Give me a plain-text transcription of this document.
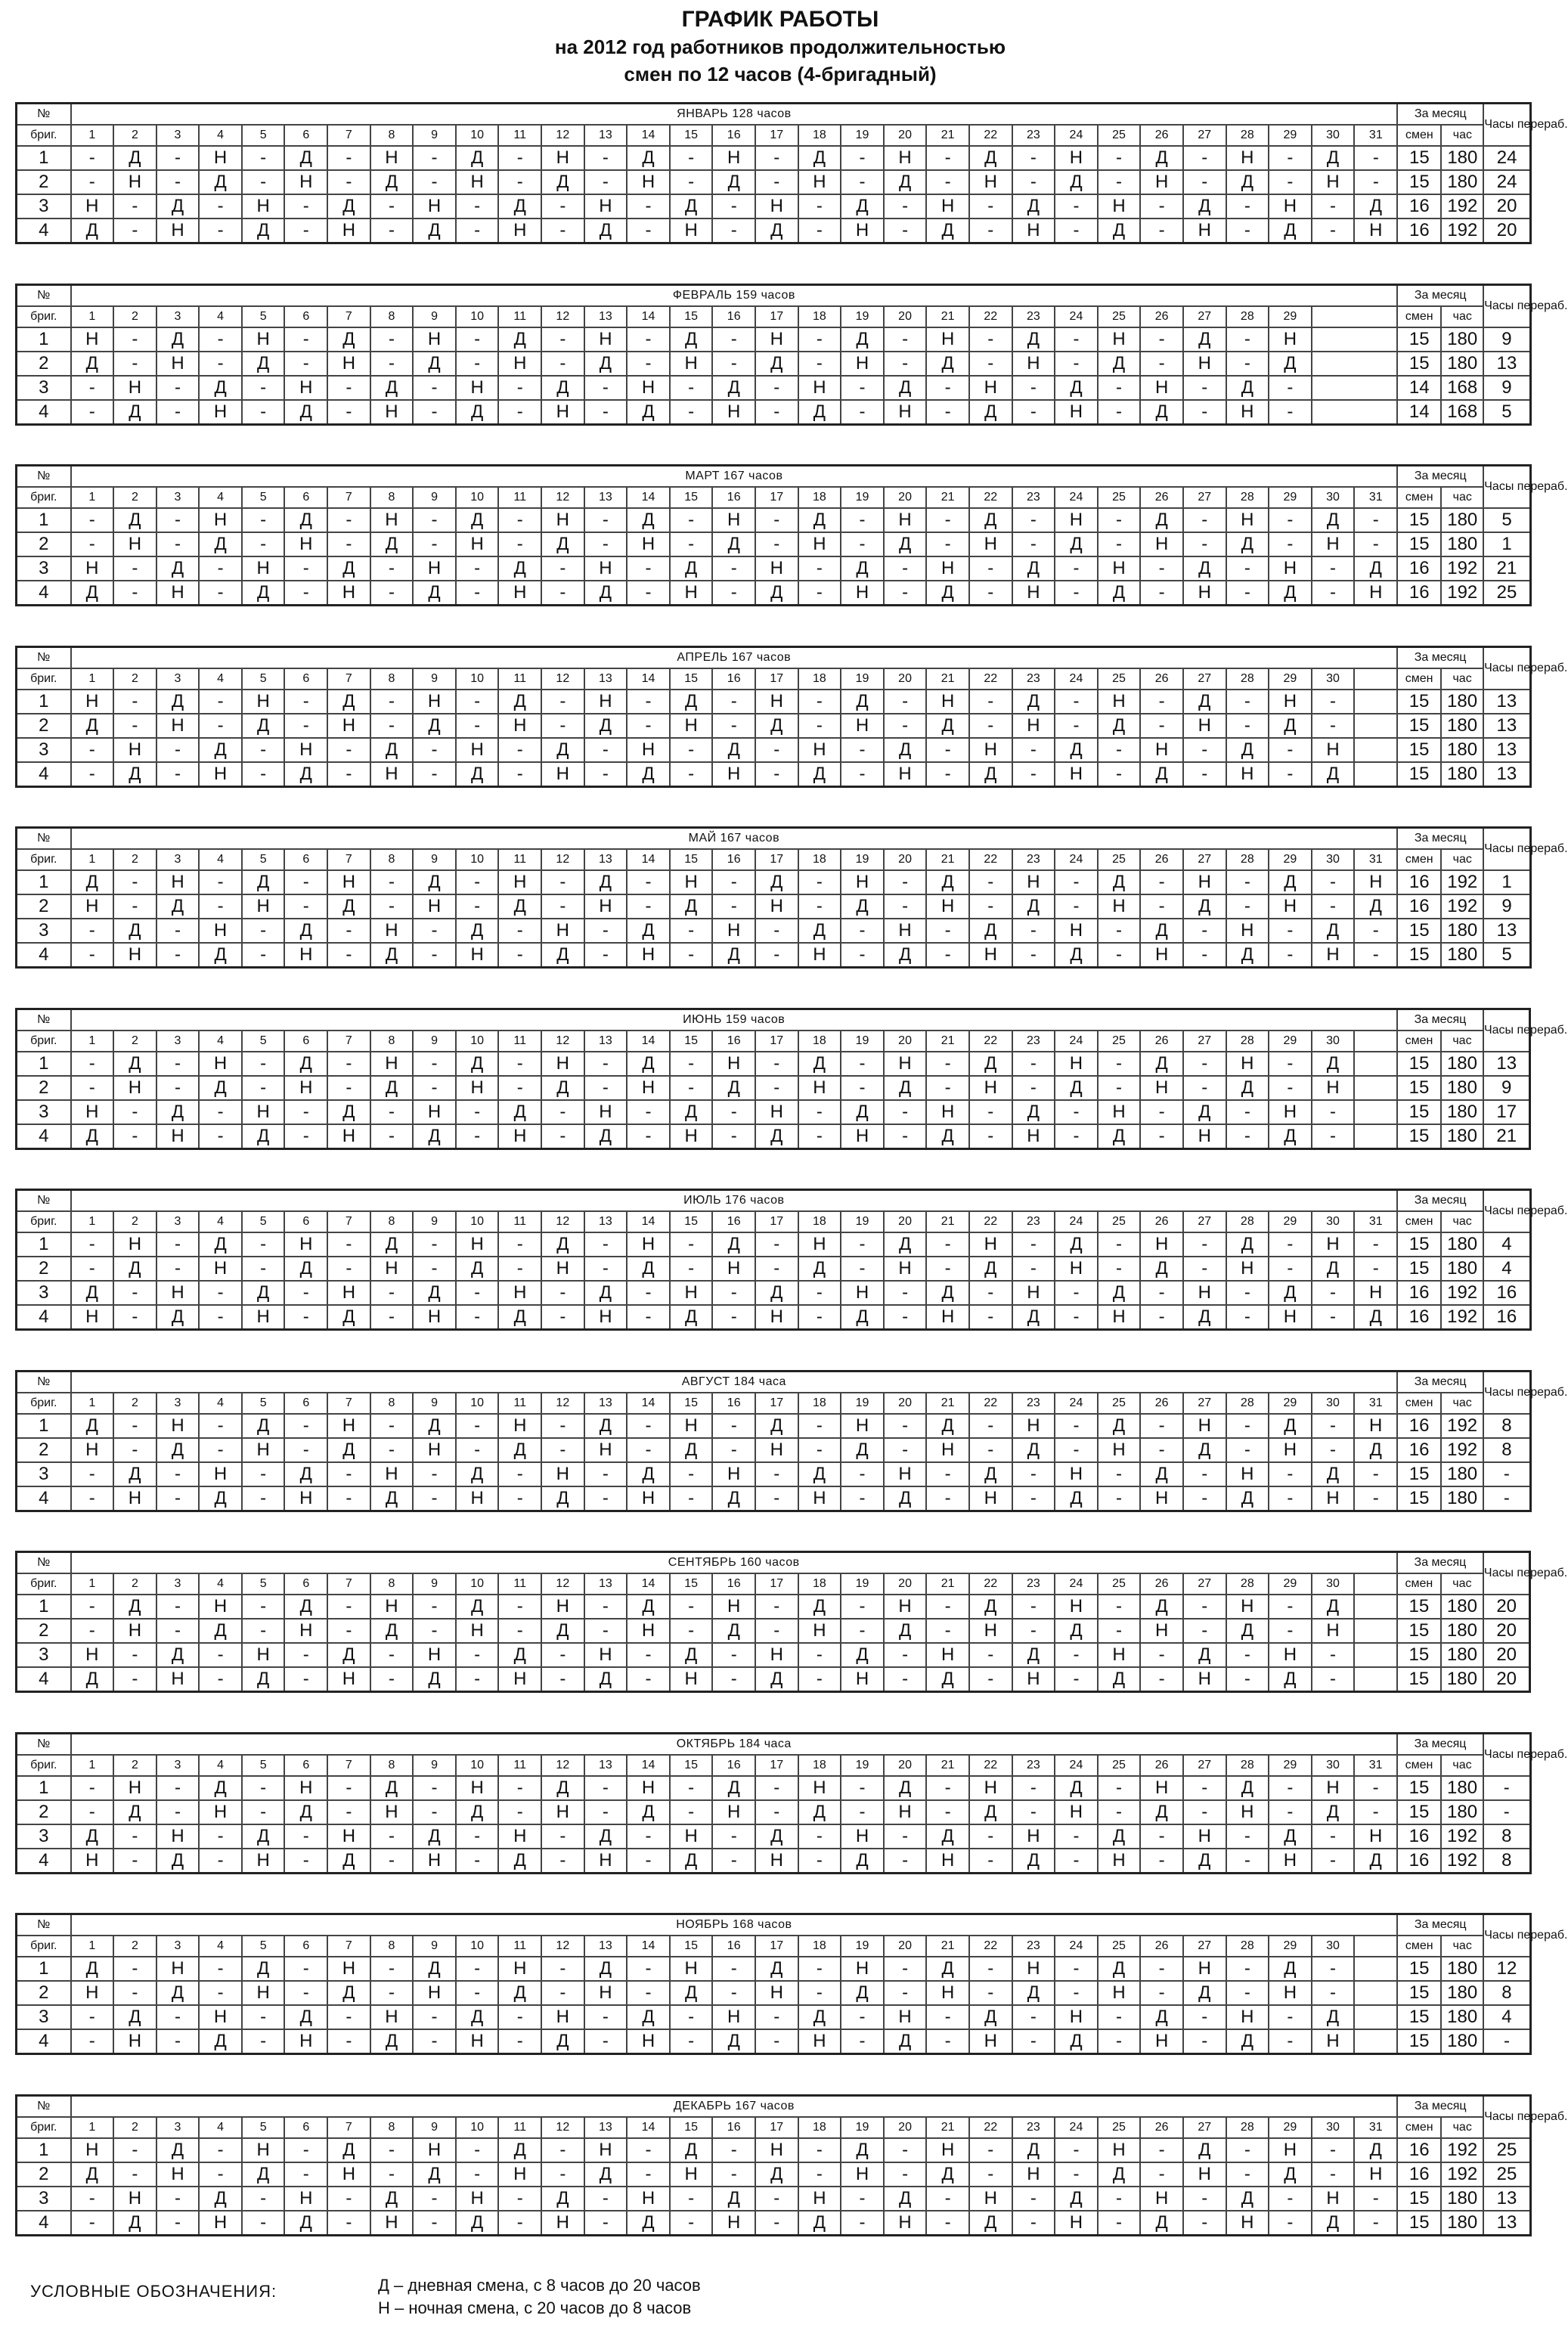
ГРАФИК РАБОТЫ
на 2012 год работников продолжительностью
смен по 12 часов (4-бригадный)
№	ЯНВАРЬ 128 часов																															За месяц		Часы перераб.
бриг.	1	2	3	4	5	6	7	8	9	10	11	12	13	14	15	16	17	18	19	20	21	22	23	24	25	26	27	28	29	30	31	смен	час	
1	-	Д	-	Н	-	Д	-	Н	-	Д	-	Н	-	Д	-	Н	-	Д	-	Н	-	Д	-	Н	-	Д	-	Н	-	Д	-	15	180	24
2	-	Н	-	Д	-	Н	-	Д	-	Н	-	Д	-	Н	-	Д	-	Н	-	Д	-	Н	-	Д	-	Н	-	Д	-	Н	-	15	180	24
3	Н	-	Д	-	Н	-	Д	-	Н	-	Д	-	Н	-	Д	-	Н	-	Д	-	Н	-	Д	-	Н	-	Д	-	Н	-	Д	16	192	20
4	Д	-	Н	-	Д	-	Н	-	Д	-	Н	-	Д	-	Н	-	Д	-	Н	-	Д	-	Н	-	Д	-	Н	-	Д	-	Н	16	192	20
№	ФЕВРАЛЬ 159 часов																														За месяц		Часы перераб.
бриг.	1	2	3	4	5	6	7	8	9	10	11	12	13	14	15	16	17	18	19	20	21	22	23	24	25	26	27	28	29		смен	час	
1	Н	-	Д	-	Н	-	Д	-	Н	-	Д	-	Н	-	Д	-	Н	-	Д	-	Н	-	Д	-	Н	-	Д	-	Н		15	180	9
2	Д	-	Н	-	Д	-	Н	-	Д	-	Н	-	Д	-	Н	-	Д	-	Н	-	Д	-	Н	-	Д	-	Н	-	Д		15	180	13
3	-	Н	-	Д	-	Н	-	Д	-	Н	-	Д	-	Н	-	Д	-	Н	-	Д	-	Н	-	Д	-	Н	-	Д	-		14	168	9
4	-	Д	-	Н	-	Д	-	Н	-	Д	-	Н	-	Д	-	Н	-	Д	-	Н	-	Д	-	Н	-	Д	-	Н	-		14	168	5
№	МАРТ 167 часов																															За месяц		Часы перераб.
бриг.	1	2	3	4	5	6	7	8	9	10	11	12	13	14	15	16	17	18	19	20	21	22	23	24	25	26	27	28	29	30	31	смен	час	
1	-	Д	-	Н	-	Д	-	Н	-	Д	-	Н	-	Д	-	Н	-	Д	-	Н	-	Д	-	Н	-	Д	-	Н	-	Д	-	15	180	5
2	-	Н	-	Д	-	Н	-	Д	-	Н	-	Д	-	Н	-	Д	-	Н	-	Д	-	Н	-	Д	-	Н	-	Д	-	Н	-	15	180	1
3	Н	-	Д	-	Н	-	Д	-	Н	-	Д	-	Н	-	Д	-	Н	-	Д	-	Н	-	Д	-	Н	-	Д	-	Н	-	Д	16	192	21
4	Д	-	Н	-	Д	-	Н	-	Д	-	Н	-	Д	-	Н	-	Д	-	Н	-	Д	-	Н	-	Д	-	Н	-	Д	-	Н	16	192	25
№	АПРЕЛЬ 167 часов																															За месяц		Часы перераб.
бриг.	1	2	3	4	5	6	7	8	9	10	11	12	13	14	15	16	17	18	19	20	21	22	23	24	25	26	27	28	29	30		смен	час	
1	Н	-	Д	-	Н	-	Д	-	Н	-	Д	-	Н	-	Д	-	Н	-	Д	-	Н	-	Д	-	Н	-	Д	-	Н	-		15	180	13
2	Д	-	Н	-	Д	-	Н	-	Д	-	Н	-	Д	-	Н	-	Д	-	Н	-	Д	-	Н	-	Д	-	Н	-	Д	-		15	180	13
3	-	Н	-	Д	-	Н	-	Д	-	Н	-	Д	-	Н	-	Д	-	Н	-	Д	-	Н	-	Д	-	Н	-	Д	-	Н		15	180	13
4	-	Д	-	Н	-	Д	-	Н	-	Д	-	Н	-	Д	-	Н	-	Д	-	Н	-	Д	-	Н	-	Д	-	Н	-	Д		15	180	13
№	МАЙ 167 часов																															За месяц		Часы перераб.
бриг.	1	2	3	4	5	6	7	8	9	10	11	12	13	14	15	16	17	18	19	20	21	22	23	24	25	26	27	28	29	30	31	смен	час	
1	Д	-	Н	-	Д	-	Н	-	Д	-	Н	-	Д	-	Н	-	Д	-	Н	-	Д	-	Н	-	Д	-	Н	-	Д	-	Н	16	192	1
2	Н	-	Д	-	Н	-	Д	-	Н	-	Д	-	Н	-	Д	-	Н	-	Д	-	Н	-	Д	-	Н	-	Д	-	Н	-	Д	16	192	9
3	-	Д	-	Н	-	Д	-	Н	-	Д	-	Н	-	Д	-	Н	-	Д	-	Н	-	Д	-	Н	-	Д	-	Н	-	Д	-	15	180	13
4	-	Н	-	Д	-	Н	-	Д	-	Н	-	Д	-	Н	-	Д	-	Н	-	Д	-	Н	-	Д	-	Н	-	Д	-	Н	-	15	180	5
№	ИЮНЬ 159 часов																															За месяц		Часы перераб.
бриг.	1	2	3	4	5	6	7	8	9	10	11	12	13	14	15	16	17	18	19	20	21	22	23	24	25	26	27	28	29	30		смен	час	
1	-	Д	-	Н	-	Д	-	Н	-	Д	-	Н	-	Д	-	Н	-	Д	-	Н	-	Д	-	Н	-	Д	-	Н	-	Д		15	180	13
2	-	Н	-	Д	-	Н	-	Д	-	Н	-	Д	-	Н	-	Д	-	Н	-	Д	-	Н	-	Д	-	Н	-	Д	-	Н		15	180	9
3	Н	-	Д	-	Н	-	Д	-	Н	-	Д	-	Н	-	Д	-	Н	-	Д	-	Н	-	Д	-	Н	-	Д	-	Н	-		15	180	17
4	Д	-	Н	-	Д	-	Н	-	Д	-	Н	-	Д	-	Н	-	Д	-	Н	-	Д	-	Н	-	Д	-	Н	-	Д	-		15	180	21
№	ИЮЛЬ 176 часов																															За месяц		Часы перераб.
бриг.	1	2	3	4	5	6	7	8	9	10	11	12	13	14	15	16	17	18	19	20	21	22	23	24	25	26	27	28	29	30	31	смен	час	
1	-	Н	-	Д	-	Н	-	Д	-	Н	-	Д	-	Н	-	Д	-	Н	-	Д	-	Н	-	Д	-	Н	-	Д	-	Н	-	15	180	4
2	-	Д	-	Н	-	Д	-	Н	-	Д	-	Н	-	Д	-	Н	-	Д	-	Н	-	Д	-	Н	-	Д	-	Н	-	Д	-	15	180	4
3	Д	-	Н	-	Д	-	Н	-	Д	-	Н	-	Д	-	Н	-	Д	-	Н	-	Д	-	Н	-	Д	-	Н	-	Д	-	Н	16	192	16
4	Н	-	Д	-	Н	-	Д	-	Н	-	Д	-	Н	-	Д	-	Н	-	Д	-	Н	-	Д	-	Н	-	Д	-	Н	-	Д	16	192	16
№	АВГУСТ 184 часа																															За месяц		Часы перераб.
бриг.	1	2	3	4	5	6	7	8	9	10	11	12	13	14	15	16	17	18	19	20	21	22	23	24	25	26	27	28	29	30	31	смен	час	
1	Д	-	Н	-	Д	-	Н	-	Д	-	Н	-	Д	-	Н	-	Д	-	Н	-	Д	-	Н	-	Д	-	Н	-	Д	-	Н	16	192	8
2	Н	-	Д	-	Н	-	Д	-	Н	-	Д	-	Н	-	Д	-	Н	-	Д	-	Н	-	Д	-	Н	-	Д	-	Н	-	Д	16	192	8
3	-	Д	-	Н	-	Д	-	Н	-	Д	-	Н	-	Д	-	Н	-	Д	-	Н	-	Д	-	Н	-	Д	-	Н	-	Д	-	15	180	-
4	-	Н	-	Д	-	Н	-	Д	-	Н	-	Д	-	Н	-	Д	-	Н	-	Д	-	Н	-	Д	-	Н	-	Д	-	Н	-	15	180	-
№	СЕНТЯБРЬ 160 часов																															За месяц		Часы перераб.
бриг.	1	2	3	4	5	6	7	8	9	10	11	12	13	14	15	16	17	18	19	20	21	22	23	24	25	26	27	28	29	30		смен	час	
1	-	Д	-	Н	-	Д	-	Н	-	Д	-	Н	-	Д	-	Н	-	Д	-	Н	-	Д	-	Н	-	Д	-	Н	-	Д		15	180	20
2	-	Н	-	Д	-	Н	-	Д	-	Н	-	Д	-	Н	-	Д	-	Н	-	Д	-	Н	-	Д	-	Н	-	Д	-	Н		15	180	20
3	Н	-	Д	-	Н	-	Д	-	Н	-	Д	-	Н	-	Д	-	Н	-	Д	-	Н	-	Д	-	Н	-	Д	-	Н	-		15	180	20
4	Д	-	Н	-	Д	-	Н	-	Д	-	Н	-	Д	-	Н	-	Д	-	Н	-	Д	-	Н	-	Д	-	Н	-	Д	-		15	180	20
№	ОКТЯБРЬ 184 часа																															За месяц		Часы перераб.
бриг.	1	2	3	4	5	6	7	8	9	10	11	12	13	14	15	16	17	18	19	20	21	22	23	24	25	26	27	28	29	30	31	смен	час	
1	-	Н	-	Д	-	Н	-	Д	-	Н	-	Д	-	Н	-	Д	-	Н	-	Д	-	Н	-	Д	-	Н	-	Д	-	Н	-	15	180	-
2	-	Д	-	Н	-	Д	-	Н	-	Д	-	Н	-	Д	-	Н	-	Д	-	Н	-	Д	-	Н	-	Д	-	Н	-	Д	-	15	180	-
3	Д	-	Н	-	Д	-	Н	-	Д	-	Н	-	Д	-	Н	-	Д	-	Н	-	Д	-	Н	-	Д	-	Н	-	Д	-	Н	16	192	8
4	Н	-	Д	-	Н	-	Д	-	Н	-	Д	-	Н	-	Д	-	Н	-	Д	-	Н	-	Д	-	Н	-	Д	-	Н	-	Д	16	192	8
№	НОЯБРЬ 168 часов																															За месяц		Часы перераб.
бриг.	1	2	3	4	5	6	7	8	9	10	11	12	13	14	15	16	17	18	19	20	21	22	23	24	25	26	27	28	29	30		смен	час	
1	Д	-	Н	-	Д	-	Н	-	Д	-	Н	-	Д	-	Н	-	Д	-	Н	-	Д	-	Н	-	Д	-	Н	-	Д	-		15	180	12
2	Н	-	Д	-	Н	-	Д	-	Н	-	Д	-	Н	-	Д	-	Н	-	Д	-	Н	-	Д	-	Н	-	Д	-	Н	-		15	180	8
3	-	Д	-	Н	-	Д	-	Н	-	Д	-	Н	-	Д	-	Н	-	Д	-	Н	-	Д	-	Н	-	Д	-	Н	-	Д		15	180	4
4	-	Н	-	Д	-	Н	-	Д	-	Н	-	Д	-	Н	-	Д	-	Н	-	Д	-	Н	-	Д	-	Н	-	Д	-	Н		15	180	-
№	ДЕКАБРЬ 167 часов																															За месяц		Часы перераб.
бриг.	1	2	3	4	5	6	7	8	9	10	11	12	13	14	15	16	17	18	19	20	21	22	23	24	25	26	27	28	29	30	31	смен	час	
1	Н	-	Д	-	Н	-	Д	-	Н	-	Д	-	Н	-	Д	-	Н	-	Д	-	Н	-	Д	-	Н	-	Д	-	Н	-	Д	16	192	25
2	Д	-	Н	-	Д	-	Н	-	Д	-	Н	-	Д	-	Н	-	Д	-	Н	-	Д	-	Н	-	Д	-	Н	-	Д	-	Н	16	192	25
3	-	Н	-	Д	-	Н	-	Д	-	Н	-	Д	-	Н	-	Д	-	Н	-	Д	-	Н	-	Д	-	Н	-	Д	-	Н	-	15	180	13
4	-	Д	-	Н	-	Д	-	Н	-	Д	-	Н	-	Д	-	Н	-	Д	-	Н	-	Д	-	Н	-	Д	-	Н	-	Д	-	15	180	13
УСЛОВНЫЕ ОБОЗНАЧЕНИЯ:	Д – дневная смена, с 8 часов до 20 часов
Н – ночная смена, с 20 часов до 8 часов
